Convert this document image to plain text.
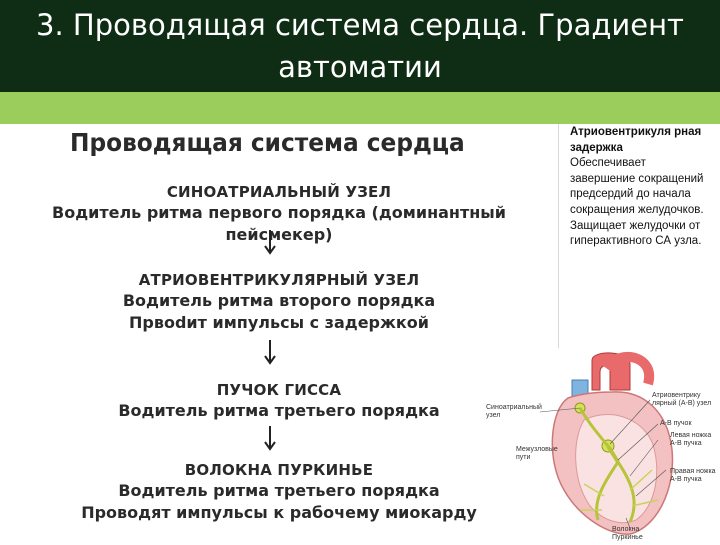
3. Проводящая система сердца. Градиент автоматии
Проводящая система сердца
СИНОАТРИАЛЬНЫЙ УЗЕЛ
Водитель ритма первого порядка (доминантный пейсмекер)
АТРИОВЕНТРИКУЛЯРНЫЙ УЗЕЛ
Водитель ритма второго порядка
Првodит импульсы с задержкой
ПУЧОК ГИССА
Водитель ритма третьего порядка
ВОЛОКНА ПУРКИНЬЕ
Водитель ритма третьего порядка
Проводят импульсы к рабочему миокарду
Атриовентрикуля рная задержка
Обеспечивает завершение сокращений предсердий до начала сокращения желудочков. Защищает желудочки от гиперактивного СА узла.
Синоатриальный узел
Межузловые пути
Атриовентрику лярный (А-В) узел
А-В пучок
Левая ножка А-В пучка
Правая ножка А-В пучка
Волокна Пуркинье
